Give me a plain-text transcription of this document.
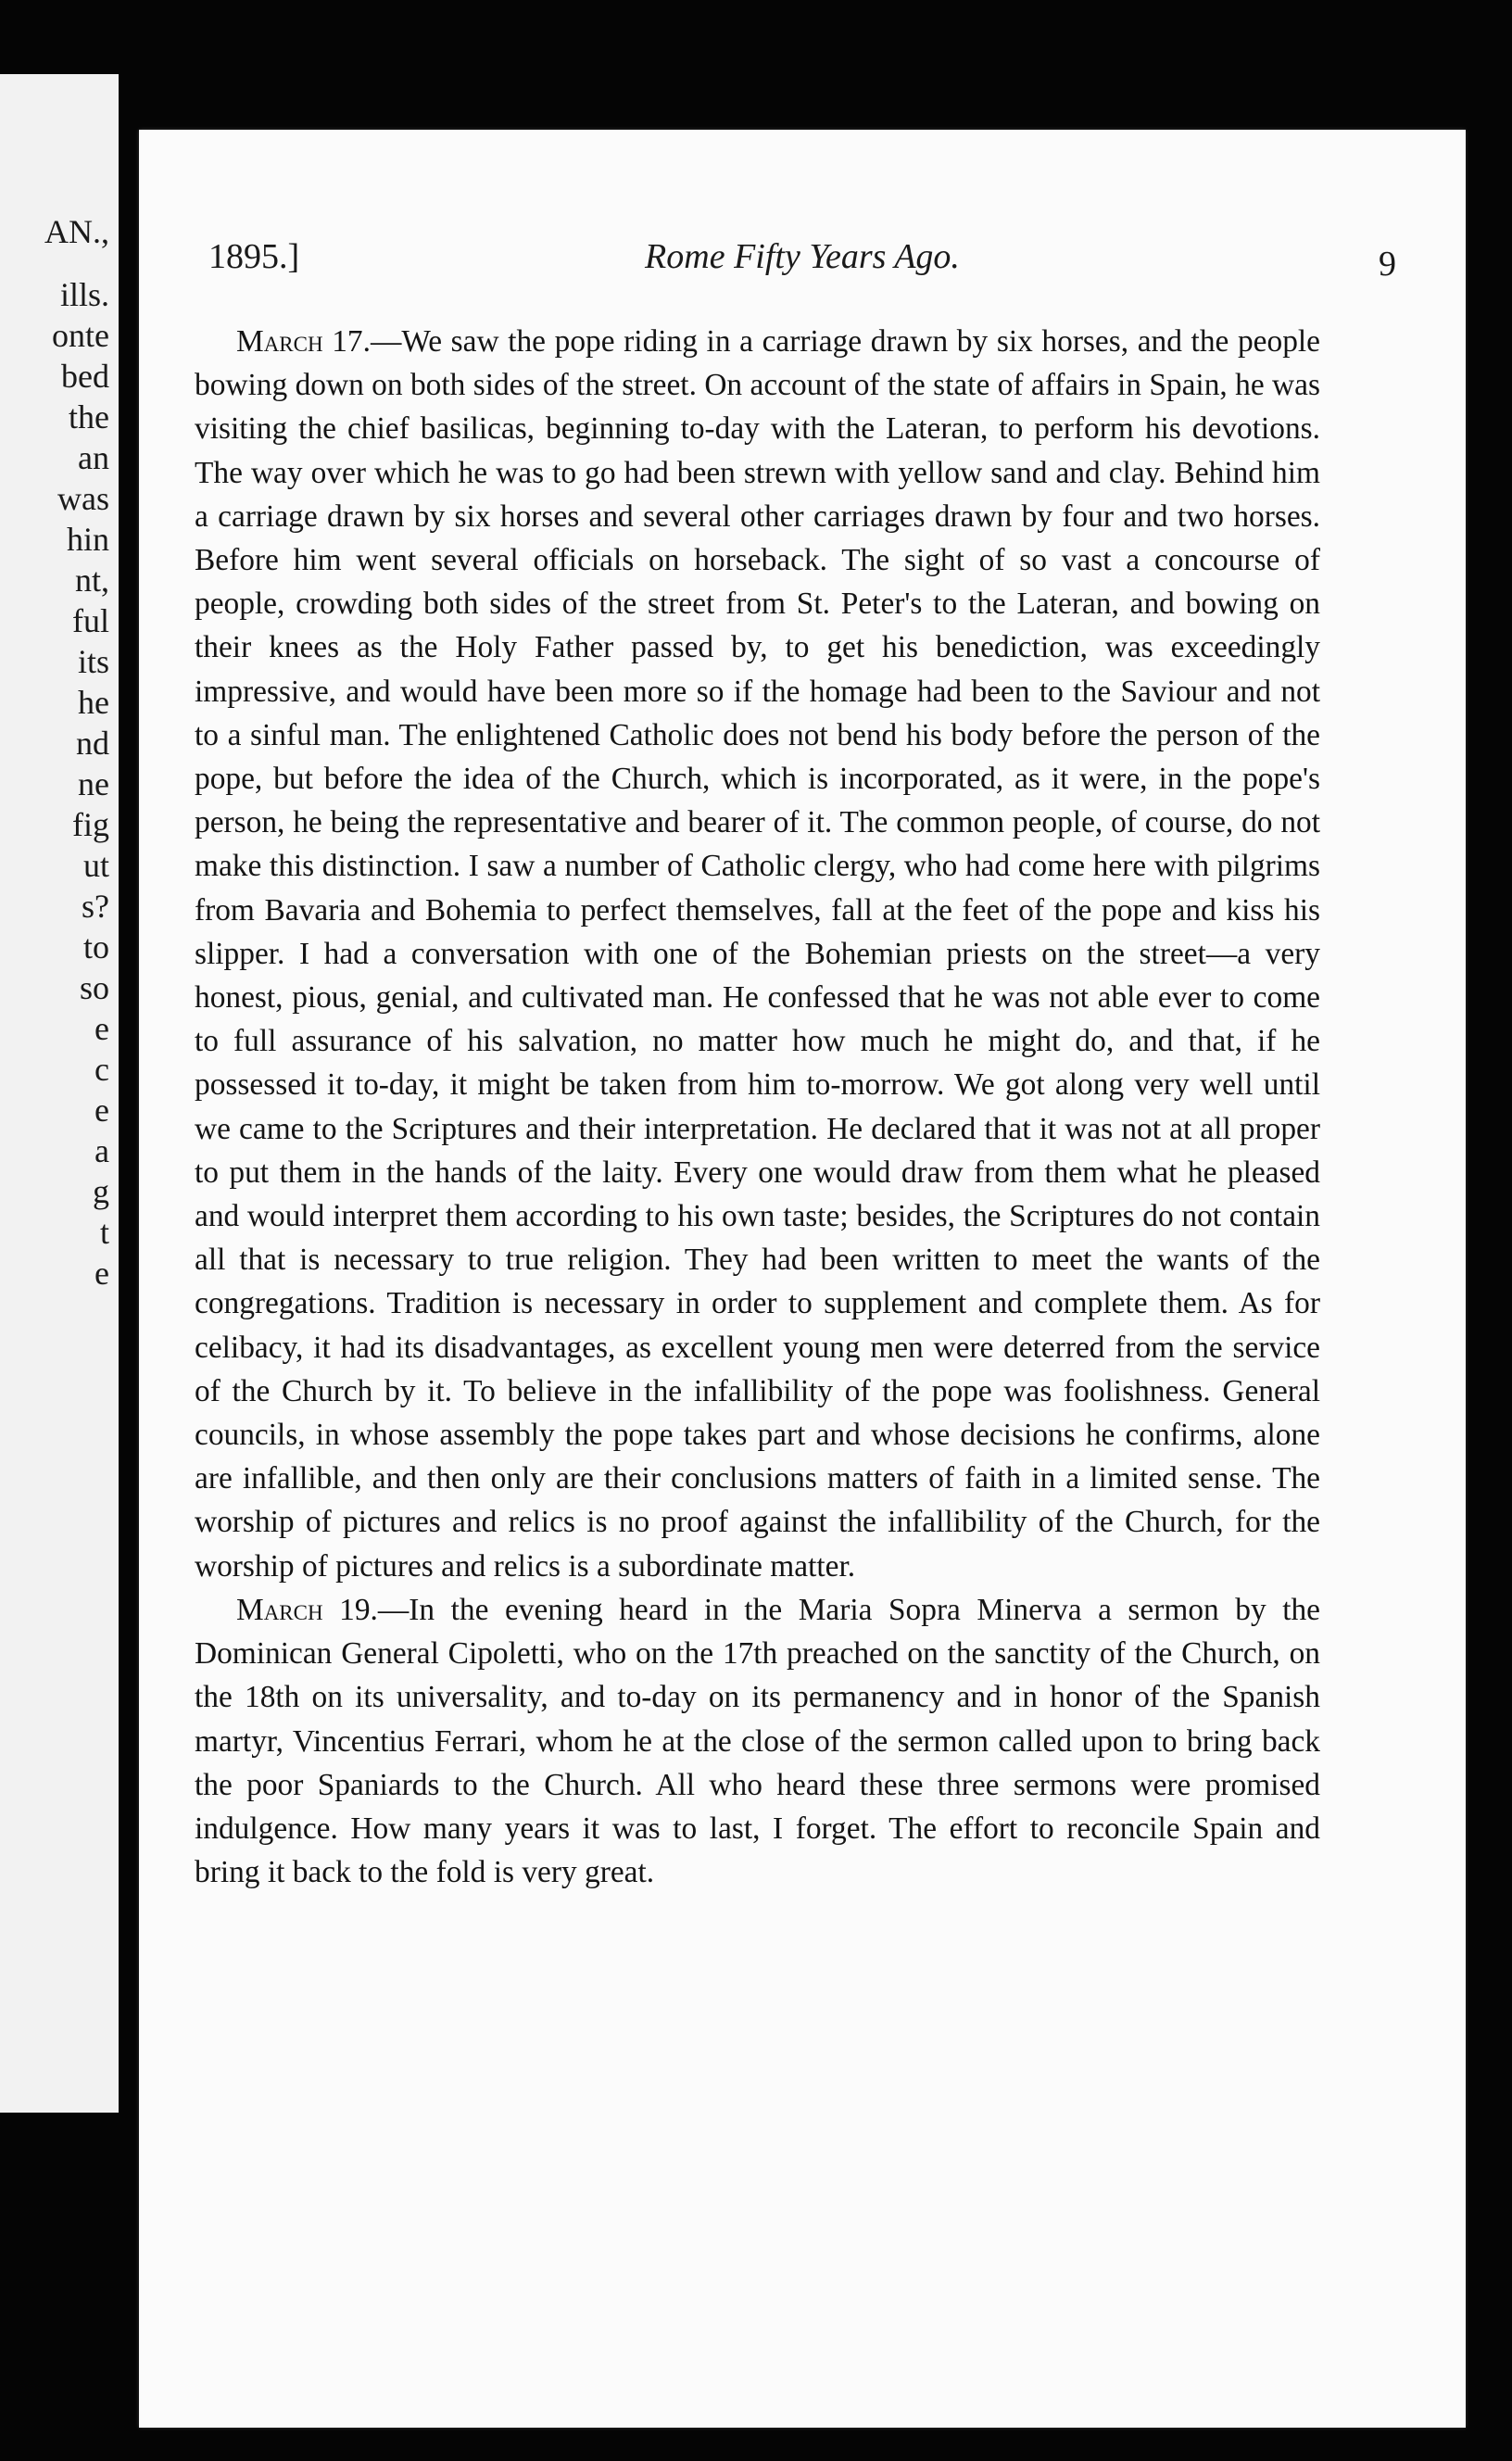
AN.,
ills.
onte
bed
the
an
was
hin
nt,
ful
its
he
nd
ne
fig
ut
s?
to
so
e
c
e
a
g
t
e
1895.]	Rome Fifty Years Ago.	9

March 17.—We saw the pope riding in a carriage drawn by six horses, and the people bowing down on both sides of the street. On account of the state of affairs in Spain, he was visiting the chief basilicas, beginning to-day with the Lateran, to perform his devotions. The way over which he was to go had been strewn with yellow sand and clay. Behind him a carriage drawn by six horses and several other carriages drawn by four and two horses. Before him went several officials on horseback. The sight of so vast a concourse of people, crowding both sides of the street from St. Peter's to the Lateran, and bowing on their knees as the Holy Father passed by, to get his benediction, was exceedingly impressive, and would have been more so if the homage had been to the Saviour and not to a sinful man. The enlightened Catholic does not bend his body before the person of the pope, but before the idea of the Church, which is incorporated, as it were, in the pope's person, he being the representative and bearer of it. The common people, of course, do not make this distinction. I saw a number of Catholic clergy, who had come here with pilgrims from Bavaria and Bohemia to perfect themselves, fall at the feet of the pope and kiss his slipper. I had a conversation with one of the Bohemian priests on the street—a very honest, pious, genial, and cultivated man. He confessed that he was not able ever to come to full assurance of his salvation, no matter how much he might do, and that, if he possessed it to-day, it might be taken from him to-morrow. We got along very well until we came to the Scriptures and their interpretation. He declared that it was not at all proper to put them in the hands of the laity. Every one would draw from them what he pleased and would interpret them according to his own taste; besides, the Scriptures do not contain all that is necessary to true religion. They had been written to meet the wants of the congregations. Tradition is necessary in order to supplement and complete them. As for celibacy, it had its disadvantages, as excellent young men were deterred from the service of the Church by it. To believe in the infallibility of the pope was foolishness. General councils, in whose assembly the pope takes part and whose decisions he confirms, alone are infallible, and then only are their conclusions matters of faith in a limited sense. The worship of pictures and relics is no proof against the infallibility of the Church, for the worship of pictures and relics is a subordinate matter.

March 19.—In the evening heard in the Maria Sopra Minerva a sermon by the Dominican General Cipoletti, who on the 17th preached on the sanctity of the Church, on the 18th on its universality, and to-day on its permanency and in honor of the Spanish martyr, Vincentius Ferrari, whom he at the close of the sermon called upon to bring back the poor Spaniards to the Church. All who heard these three sermons were promised indulgence. How many years it was to last, I forget. The effort to reconcile Spain and bring it back to the fold is very great.
